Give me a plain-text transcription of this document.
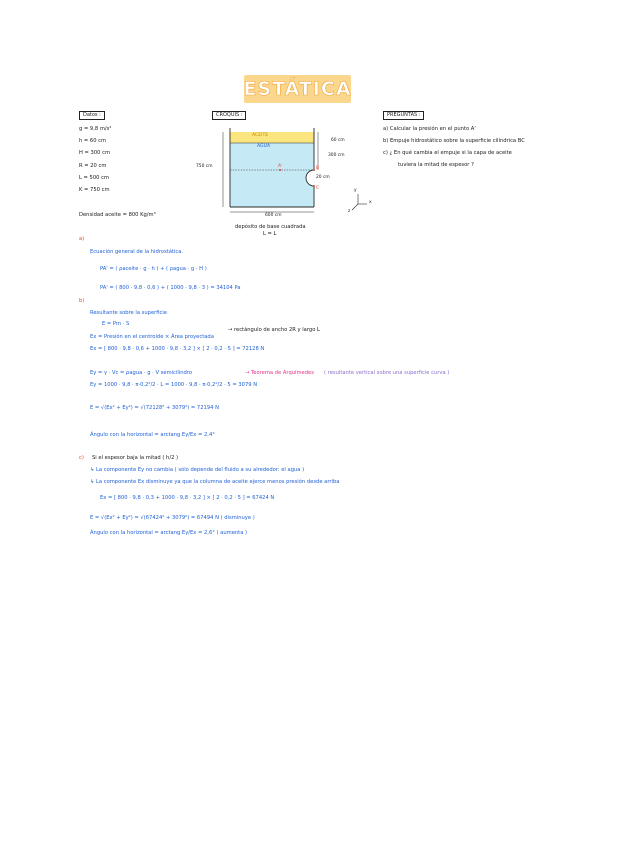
ESTÁTICA
Datos :	CROQUIS :	PREGUNTAS :
g = 9,8 m/s²
h = 60 cm
H = 300 cm
R = 20 cm
L = 500 cm
K = 750 cm
Densidad aceite = 800 Kg/m³
a) Calcular la presión en el punto A'
b) Empuje hidrostático sobre la superficie cilíndrica BC
c) ¿ En qué cambia el empuje si la capa de aceite
tuviera la mitad de espesor ?
ACEITE
AGUA
60 cm
300 cm
750 cm
20 cm
600 cm
A'	B
C
x
y
z
depósito de base cuadrada
L = L
a)
Ecuación general de la hidrostática.
PA' = ( ρaceite · g · h ) + ( ρagua · g · H )
PA' = ( 800 · 9,8 · 0,6 ) + ( 1000 · 9,8 · 3 ) = 34104 Pa
b)
Resultante sobre la superficie
E = Pm · S
Ex = Presión en el centroide × Área proyectada
→ rectángulo de ancho 2R y largo L
Ex = [ 800 · 9,8 · 0,6 + 1000 · 9,8 · 3,2 ] × [ 2 · 0,2 · 5 ] = 72128 N
Ey = γ · Vc = ρagua · g · V semicilindro	→ Teorema de Arquímedes ( resultante vertical sobre una superficie curva )
Ey = 1000 · 9,8 · π·0,2²/2 · L = 1000 · 9,8 · π·0,2²/2 · 5 = 3079 N
E = √(Ex² + Ey²) = √(72128² + 3079²) = 72194 N
Ángulo con la horizontal = arctang Ey/Ex = 2,4°
c) Si el espesor baja la mitad ( h/2 )
↳ La componente Ey no cambia ( sólo depende del fluido a su alrededor: el agua )
↳ La componente Ex disminuye ya que la columna de aceite ejerce menos presión desde arriba
Ex = [ 800 · 9,8 · 0,3 + 1000 · 9,8 · 3,2 ] × [ 2 · 0,2 · 5 ] = 67424 N
E = √(Ex² + Ey²) = √(67424² + 3079²) = 67494 N ( disminuye )
Ángulo con la horizontal = arctang Ey/Ex = 2,6° ( aumenta )
